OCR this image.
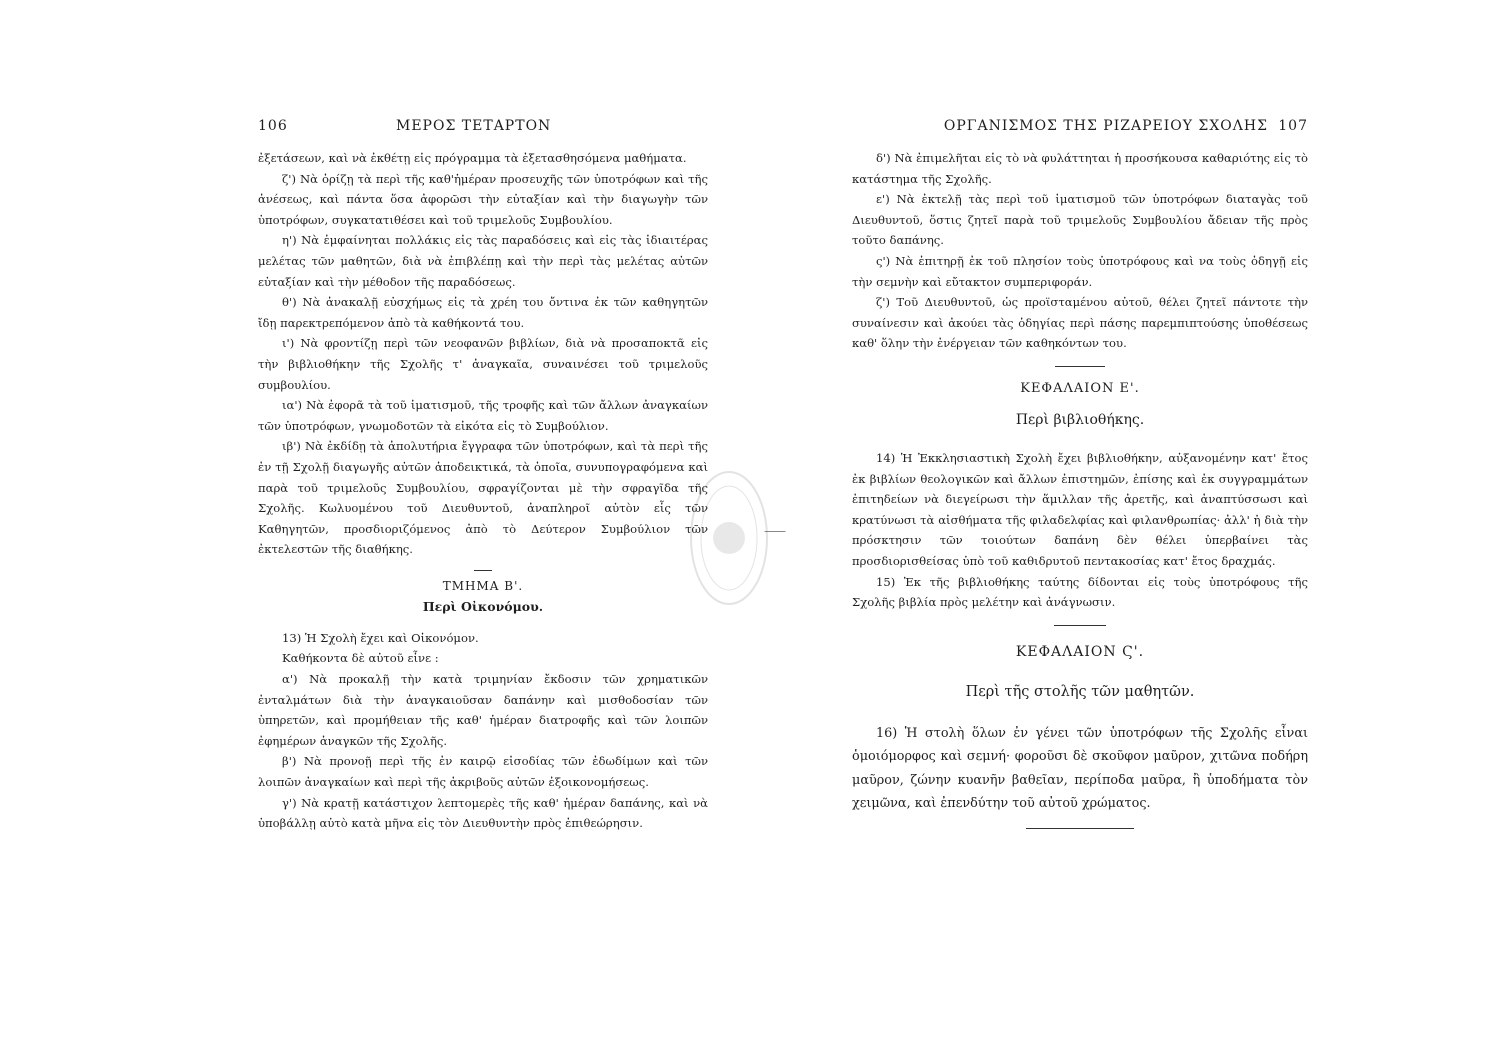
106	ΜΕΡΟΣ ΤΕΤΑΡΤΟΝ

ἐξετάσεων, καὶ νὰ ἐκθέτῃ εἰς πρόγραμμα τὰ ἐξετασθησόμενα μαθήματα.

ζ') Νὰ ὁρίζῃ τὰ περὶ τῆς καθ'ἡμέραν προσευχῆς τῶν ὑποτρόφων καὶ τῆς ἀνέσεως, καὶ πάντα ὅσα ἀφορῶσι τὴν εὐταξίαν καὶ τὴν διαγωγὴν τῶν ὑποτρόφων, συγκατατιθέσει καὶ τοῦ τριμελοῦς Συμβουλίου.

η') Νὰ ἐμφαίνηται πολλάκις εἰς τὰς παραδόσεις καὶ εἰς τὰς ἰδιαιτέρας μελέτας τῶν μαθητῶν, διὰ νὰ ἐπιβλέπῃ καὶ τὴν περὶ τὰς μελέτας αὐτῶν εὐταξίαν καὶ τὴν μέθοδον τῆς παραδόσεως.

θ') Νὰ ἀνακαλῇ εὐσχήμως εἰς τὰ χρέη του ὄντινα ἐκ τῶν καθηγητῶν ἴδῃ παρεκτρεπόμενον ἀπὸ τὰ καθήκοντά του.

ι') Νὰ φροντίζῃ περὶ τῶν νεοφανῶν βιβλίων, διὰ νὰ προσαποκτᾶ εἰς τὴν βιβλιοθήκην τῆς Σχολῆς τ' ἀναγκαῖα, συναινέσει τοῦ τριμελοῦς συμβουλίου.

ια') Νὰ ἐφορᾶ τὰ τοῦ ἱματισμοῦ, τῆς τροφῆς καὶ τῶν ἄλλων ἀναγκαίων τῶν ὑποτρόφων, γνωμοδοτῶν τὰ εἰκότα εἰς τὸ Συμβούλιον.

ιβ') Νὰ ἐκδίδῃ τὰ ἀπολυτήρια ἔγγραφα τῶν ὑποτρόφων, καὶ τὰ περὶ τῆς ἐν τῇ Σχολῇ διαγωγῆς αὐτῶν ἀποδεικτικά, τὰ ὁποῖα, συνυπογραφόμενα καὶ παρὰ τοῦ τριμελοῦς Συμβουλίου, σφραγίζονται μὲ τὴν σφραγῖδα τῆς Σχολῆς. Κωλυομένου τοῦ Διευθυντοῦ, ἀναπληροῖ αὐτὸν εἷς τῶν Καθηγητῶν, προσδιοριζόμενος ἀπὸ τὸ Δεύτερον Συμβούλιον τῶν ἐκτελεστῶν τῆς διαθήκης.

ΤΜΗΜΑ Β'.

Περὶ Οἰκονόμου.

13) Ἡ Σχολὴ ἔχει καὶ Οἰκονόμον.

Καθήκοντα δὲ αὐτοῦ εἶνε :

α') Νὰ προκαλῇ τὴν κατὰ τριμηνίαν ἔκδοσιν τῶν χρηματικῶν ἐνταλμάτων διὰ τὴν ἀναγκαιοῦσαν δαπάνην καὶ μισθοδοσίαν τῶν ὑπηρετῶν, καὶ προμήθειαν τῆς καθ' ἡμέραν διατροφῆς καὶ τῶν λοιπῶν ἐφημέρων ἀναγκῶν τῆς Σχολῆς.

β') Νὰ προνοῇ περὶ τῆς ἐν καιρῷ εἰσοδίας τῶν ἐδωδίμων καὶ τῶν λοιπῶν ἀναγκαίων καὶ περὶ τῆς ἀκριβοῦς αὐτῶν ἐξοικονομήσεως.

γ') Νὰ κρατῇ κατάστιχον λεπτομερὲς τῆς καθ' ἡμέραν δαπάνης, καὶ νὰ ὑποβάλλῃ αὐτὸ κατὰ μῆνα εἰς τὸν Διευθυντὴν πρὸς ἐπιθεώρησιν.

⸺
ΟΡΓΑΝΙΣΜΟΣ ΤΗΣ ΡΙΖΑΡΕΙΟΥ ΣΧΟΛΗΣ 107

δ') Νὰ ἐπιμελῆται εἰς τὸ νὰ φυλάττηται ἡ προσήκουσα καθαριότης εἰς τὸ κατάστημα τῆς Σχολῆς.

ε') Νὰ ἐκτελῇ τὰς περὶ τοῦ ἱματισμοῦ τῶν ὑποτρόφων διαταγὰς τοῦ Διευθυντοῦ, ὅστις ζητεῖ παρὰ τοῦ τριμελοῦς Συμβουλίου ἄδειαν τῆς πρὸς τοῦτο δαπάνης.

ς') Νὰ ἐπιτηρῇ ἐκ τοῦ πλησίον τοὺς ὑποτρόφους καὶ να τοὺς ὁδηγῇ εἰς τὴν σεμνὴν καὶ εὔτακτον συμπεριφοράν.

ζ') Τοῦ Διευθυντοῦ, ὡς προϊσταμένου αὐτοῦ, θέλει ζητεῖ πάντοτε τὴν συναίνεσιν καὶ ἀκούει τὰς ὁδηγίας περὶ πάσης παρεμπιπτούσης ὑποθέσεως καθ' ὅλην τὴν ἐνέργειαν τῶν καθηκόντων του.

ΚΕΦΑΛΑΙΟΝ Ε'.

Περὶ βιβλιοθήκης.

14) Ἡ Ἐκκλησιαστικὴ Σχολὴ ἔχει βιβλιοθήκην, αὐξανομένην κατ' ἔτος ἐκ βιβλίων θεολογικῶν καὶ ἄλλων ἐπιστημῶν, ἐπίσης καὶ ἐκ συγγραμμάτων ἐπιτηδείων νὰ διεγείρωσι τὴν ἅμιλλαν τῆς ἀρετῆς, καὶ ἀναπτύσσωσι καὶ κρατύνωσι τὰ αἰσθήματα τῆς φιλαδελφίας καὶ φιλανθρωπίας· ἀλλ' ἡ διὰ τὴν πρόσκτησιν τῶν τοιούτων δαπάνη δὲν θέλει ὑπερβαίνει τὰς προσδιορισθείσας ὑπὸ τοῦ καθιδρυτοῦ πεντακοσίας κατ' ἔτος δραχμάς.

15) Ἐκ τῆς βιβλιοθήκης ταύτης δίδονται εἰς τοὺς ὑποτρόφους τῆς Σχολῆς βιβλία πρὸς μελέτην καὶ ἀνάγνωσιν.

ΚΕΦΑΛΑΙΟΝ Ϛ'.

Περὶ τῆς στολῆς τῶν μαθητῶν.

16) Ἡ στολὴ ὅλων ἐν γένει τῶν ὑποτρόφων τῆς Σχολῆς εἶναι ὁμοιόμορφος καὶ σεμνή· φοροῦσι δὲ σκοῦφον μαῦρον, χιτῶνα ποδήρη μαῦρον, ζώνην κυανῆν βαθεῖαν, περίποδα μαῦρα, ἢ ὑποδήματα τὸν χειμῶνα, καὶ ἐπενδύτην τοῦ αὐτοῦ χρώματος.
